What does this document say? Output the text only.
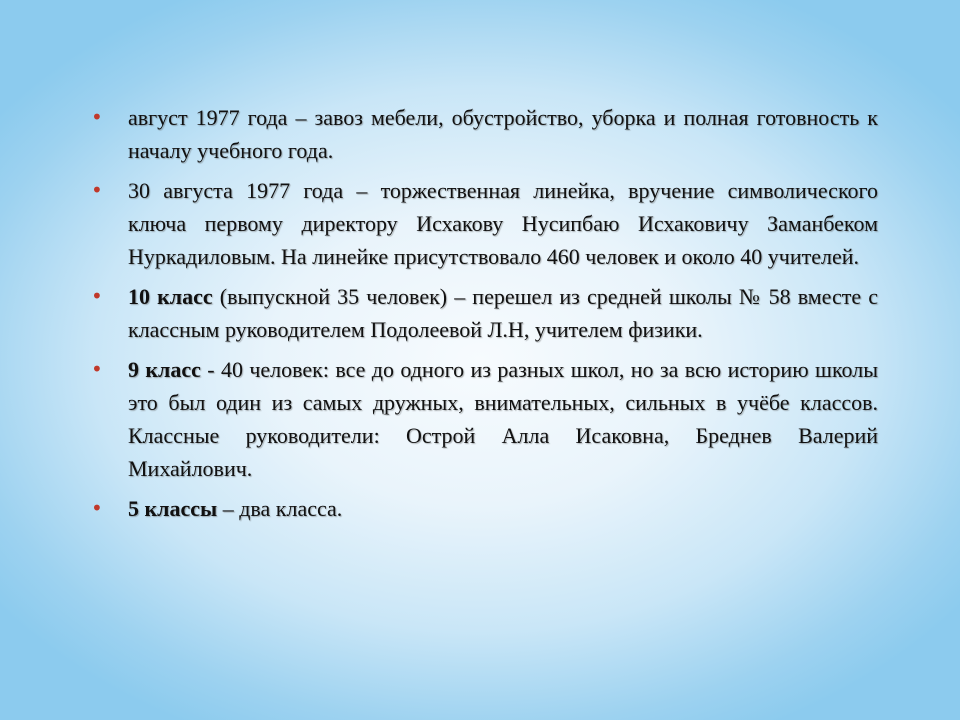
• август 1977 года – завоз мебели, обустройство, уборка и полная готовность к началу учебного года.
• 30 августа 1977 года – торжественная линейка, вручение символического ключа первому директору Исхакову Нусипбаю Исхаковичу Заманбеком Нуркадиловым. На линейке присутствовало 460 человек и около 40 учителей.
• 10 класс (выпускной 35 человек) – перешел из средней школы № 58 вместе с классным руководителем Подолеевой Л.Н, учителем физики.
• 9 класс - 40 человек: все до одного из разных школ, но за всю историю школы это был один из самых дружных, внимательных, сильных в учёбе классов. Классные руководители: Острой Алла Исаковна, Бреднев Валерий Михайлович.
• 5 классы – два класса.
